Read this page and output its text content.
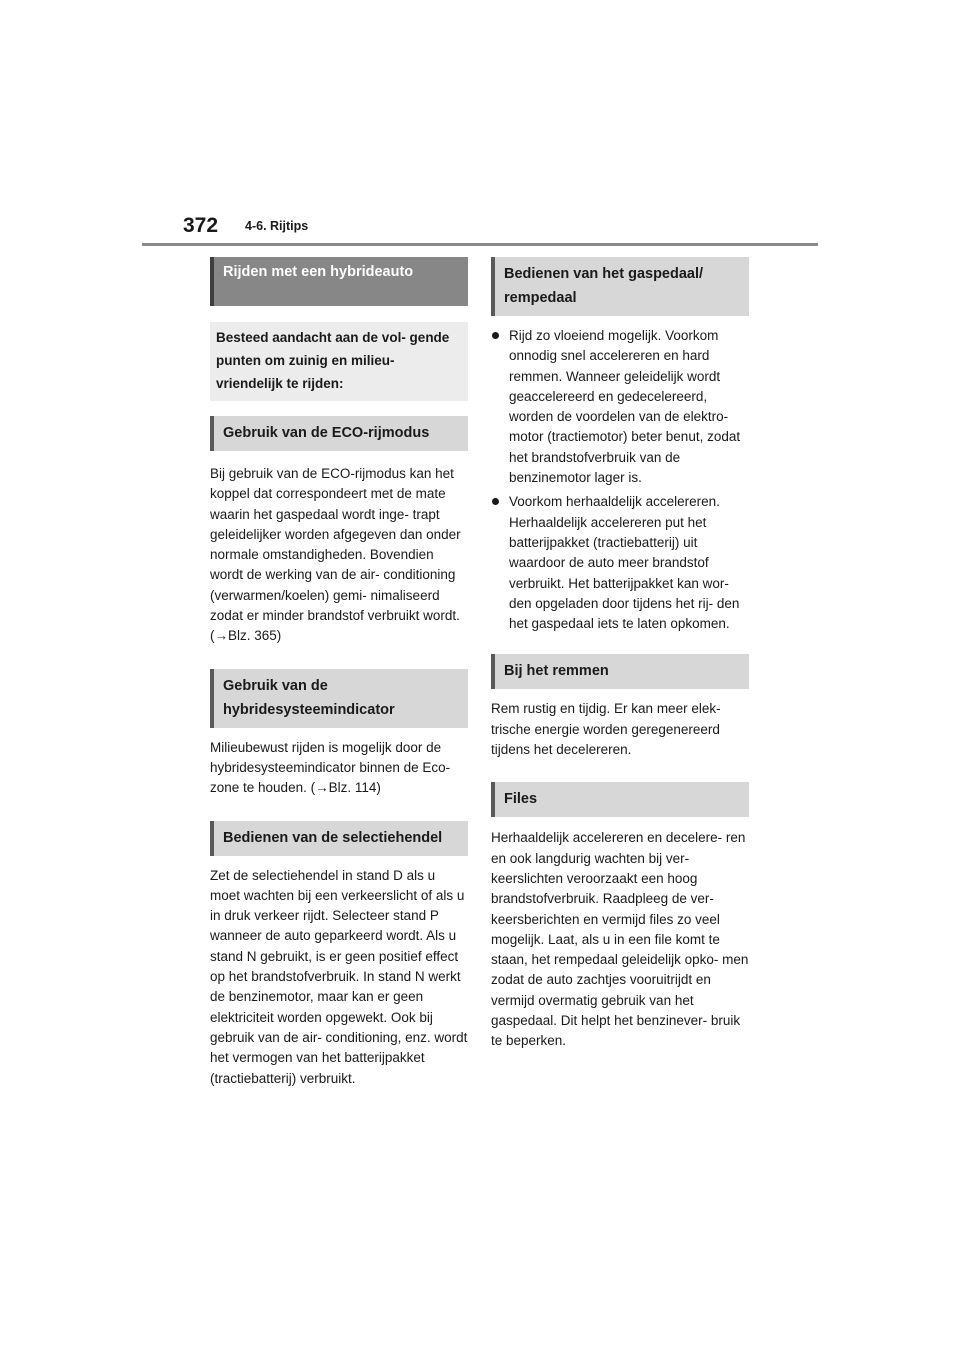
372 4-6. Rijtips
Rijden met een hybrideauto
Besteed aandacht aan de vol- gende punten om zuinig en milieu- vriendelijk te rijden:
Gebruik van de ECO-rijmodus

Bij gebruik van de ECO-rijmodus kan het koppel dat correspondeert met de mate waarin het gaspedaal wordt inge- trapt geleidelijker worden afgegeven dan onder normale omstandigheden. Bovendien wordt de werking van de air- conditioning (verwarmen/koelen) gemi- nimaliseerd zodat er minder brandstof verbruikt wordt. (→Blz. 365)

Gebruik van de hybridesysteemindicator

Milieubewust rijden is mogelijk door de hybridesysteemindicator binnen de Eco-zone te houden. (→Blz. 114)

Bedienen van de selectiehendel

Zet de selectiehendel in stand D als u moet wachten bij een verkeerslicht of als u in druk verkeer rijdt. Selecteer stand P wanneer de auto geparkeerd wordt. Als u stand N gebruikt, is er geen positief effect op het brandstofverbruik. In stand N werkt de benzinemotor, maar kan er geen elektriciteit worden opgewekt. Ook bij gebruik van de air- conditioning, enz. wordt het vermogen van het batterijpakket (tractiebatterij) verbruikt.

Bedienen van het gaspedaal/ rempedaal
Rijd zo vloeiend mogelijk. Voorkom onnodig snel accelereren en hard remmen. Wanneer geleidelijk wordt geaccelereerd en gedecelereerd, worden de voordelen van de elektro- motor (tractiemotor) beter benut, zodat het brandstofverbruik van de benzinemotor lager is.
Voorkom herhaaldelijk accelereren. Herhaaldelijk accelereren put het batterijpakket (tractiebatterij) uit waardoor de auto meer brandstof verbruikt. Het batterijpakket kan wor- den opgeladen door tijdens het rij- den het gaspedaal iets te laten opkomen.
Bij het remmen

Rem rustig en tijdig. Er kan meer elek- trische energie worden geregenereerd tijdens het decelereren.

Files

Herhaaldelijk accelereren en decelere- ren en ook langdurig wachten bij ver- keerslichten veroorzaakt een hoog brandstofverbruik. Raadpleeg de ver- keersberichten en vermijd files zo veel mogelijk. Laat, als u in een file komt te staan, het rempedaal geleidelijk opko- men zodat de auto zachtjes vooruitrijdt en vermijd overmatig gebruik van het gaspedaal. Dit helpt het benzinever- bruik te beperken.
